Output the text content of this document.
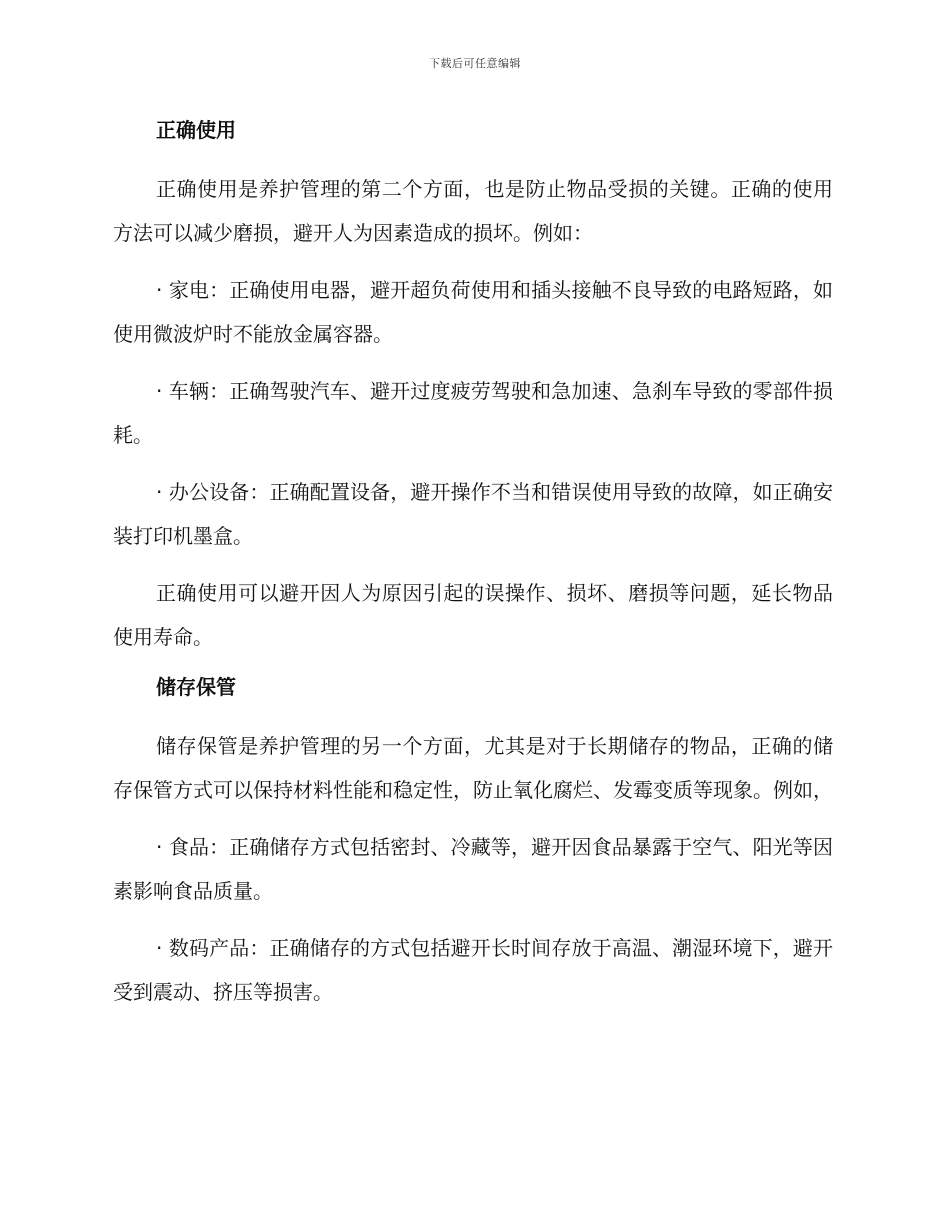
下载后可任意编辑
正确使用

正确使用是养护管理的第二个方面，也是防止物品受损的关键。正确的使用方法可以减少磨损，避开人为因素造成的损坏。例如：

· 家电：正确使用电器，避开超负荷使用和插头接触不良导致的电路短路，如使用微波炉时不能放金属容器。

· 车辆：正确驾驶汽车、避开过度疲劳驾驶和急加速、急刹车导致的零部件损耗。

· 办公设备：正确配置设备，避开操作不当和错误使用导致的故障，如正确安装打印机墨盒。

正确使用可以避开因人为原因引起的误操作、损坏、磨损等问题，延长物品使用寿命。

储存保管

储存保管是养护管理的另一个方面，尤其是对于长期储存的物品，正确的储存保管方式可以保持材料性能和稳定性，防止氧化腐烂、发霉变质等现象。例如，

· 食品：正确储存方式包括密封、冷藏等，避开因食品暴露于空气、阳光等因素影响食品质量。

· 数码产品：正确储存的方式包括避开长时间存放于高温、潮湿环境下，避开受到震动、挤压等损害。
